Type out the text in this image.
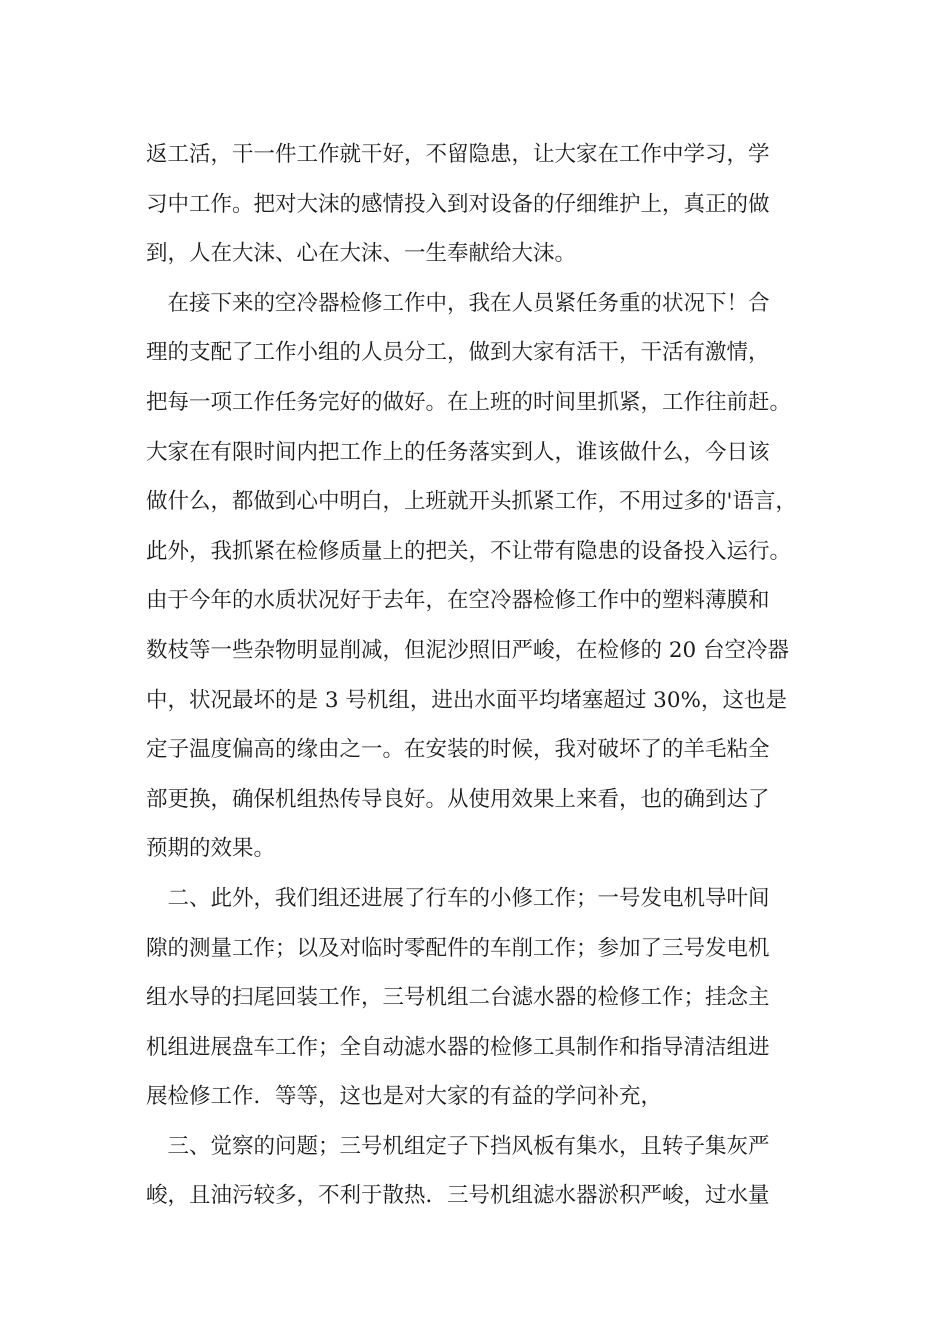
返工活，干一件工作就干好，不留隐患，让大家在工作中学习，学
习中工作。把对大沫的感情投入到对设备的仔细维护上，真正的做
到，人在大沫、心在大沫、一生奉献给大沫。
　在接下来的空冷器检修工作中，我在人员紧任务重的状况下！合
理的支配了工作小组的人员分工，做到大家有活干，干活有激情，
把每一项工作任务完好的做好。在上班的时间里抓紧，工作往前赶。
大家在有限时间内把工作上的任务落实到人，谁该做什么，今日该
做什么，都做到心中明白，上班就开头抓紧工作，不用过多的'语言，
此外，我抓紧在检修质量上的把关，不让带有隐患的设备投入运行。
由于今年的水质状况好于去年，在空冷器检修工作中的塑料薄膜和
数枝等一些杂物明显削减，但泥沙照旧严峻，在检修的 20 台空冷器
中，状况最坏的是 3 号机组，进出水面平均堵塞超过 30%，这也是
定子温度偏高的缘由之一。在安装的时候，我对破坏了的羊毛粘全
部更换，确保机组热传导良好。从使用效果上来看，也的确到达了
预期的效果。
　二、此外，我们组还进展了行车的小修工作；一号发电机导叶间
隙的测量工作；以及对临时零配件的车削工作；参加了三号发电机
组水导的扫尾回装工作，三号机组二台滤水器的检修工作；挂念主
机组进展盘车工作；全自动滤水器的检修工具制作和指导清洁组进
展检修工作．等等，这也是对大家的有益的学问补充，
　三、觉察的问题；三号机组定子下挡风板有集水，且转子集灰严
峻，且油污较多，不利于散热．三号机组滤水器淤积严峻，过水量
